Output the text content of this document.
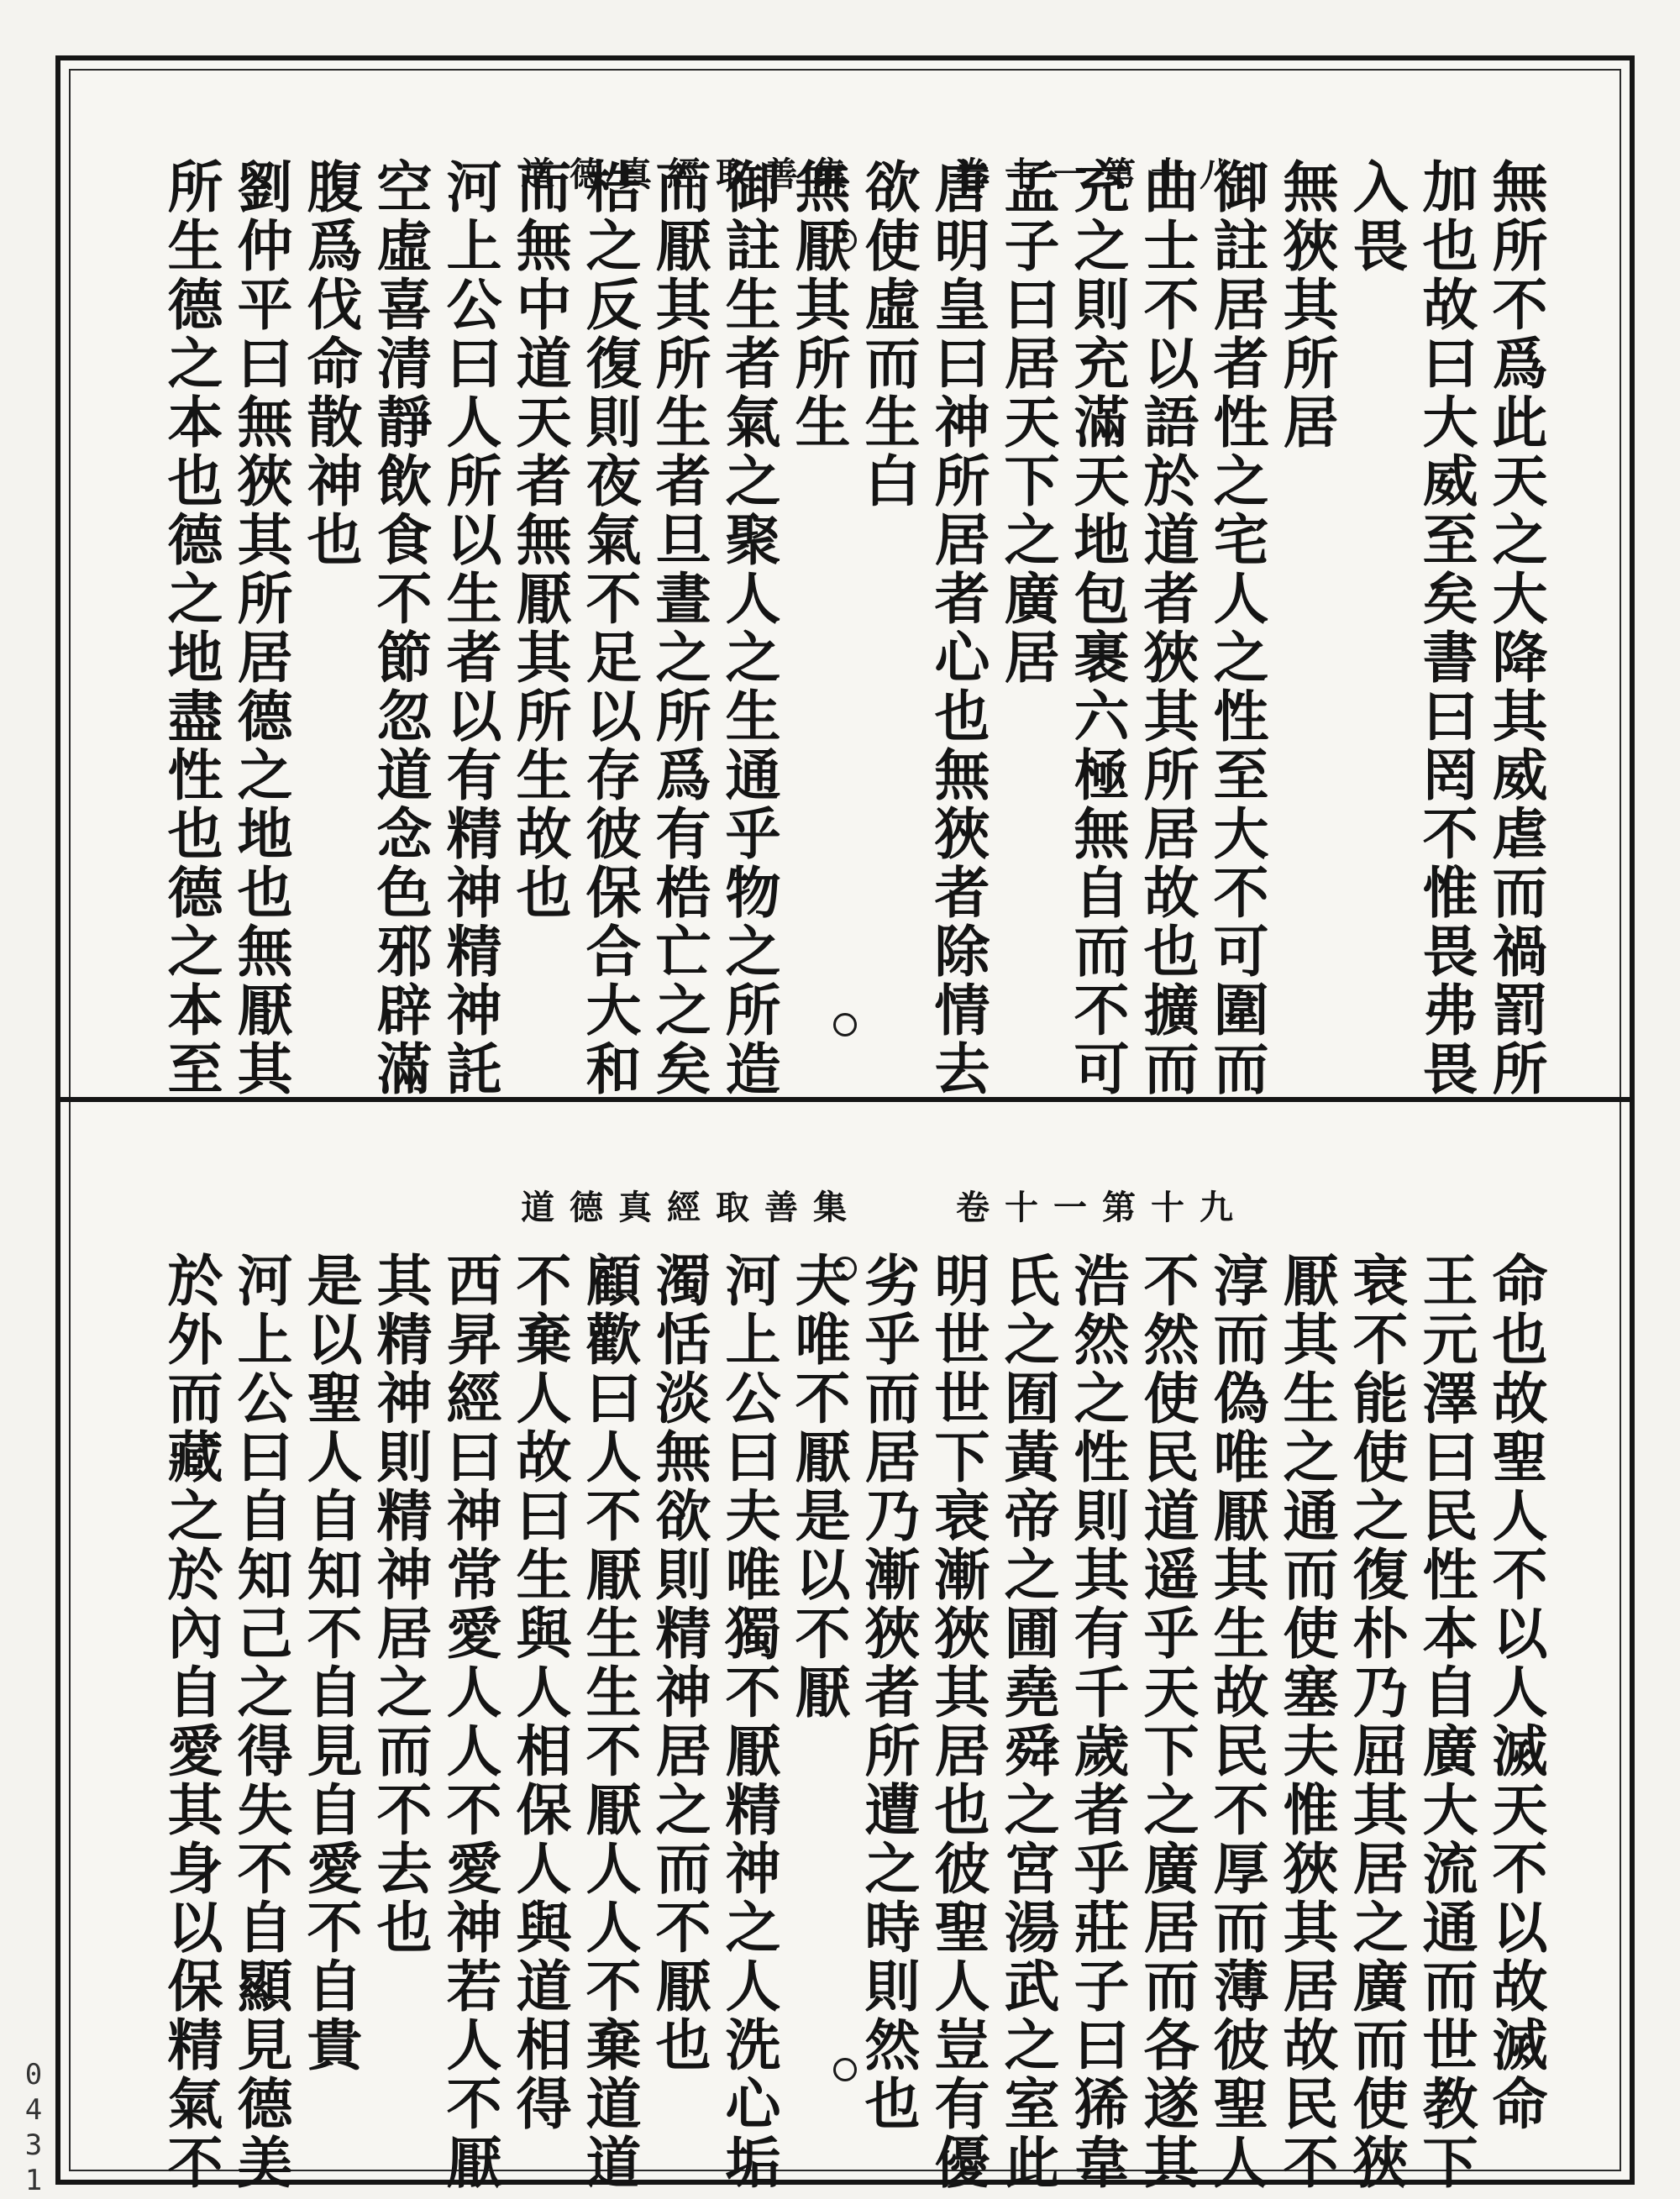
道德真經取善集	卷十一第十八	無所不爲此天之大降其威虐而禍罰所
加也故曰大威至矣書曰罔不惟畏弗畏
入畏
無狹其所居
御註居者性之宅人之性至大不可圍而
曲士不以語於道者狹其所居故也擴而
充之則充滿天地包裹六極無自而不可
孟子曰居天下之廣居
唐明皇曰神所居者心也無狹者除情去
欲使虛而生白
無厭其所生
御註生者氣之聚人之生通乎物之所造
而厭其所生者旦晝之所爲有梏亡之矣
梏之反復則夜氣不足以存彼保合大和
而無中道天者無厭其所生故也
河上公曰人所以生者以有精神精神託
空虛喜清靜飲食不節忽道念色邪辟滿
腹爲伐命散神也
劉仲平曰無狹其所居德之地也無厭其
所生德之本也德之地盡性也德之本至
道德真經取善集	卷十一第十九
命也故聖人不以人滅天不以故滅命
王元澤曰民性本自廣大流通而世教下
衰不能使之復朴乃屈其居之廣而使狹
厭其生之通而使塞夫惟狹其居故民不
淳而偽唯厭其生故民不厚而薄彼聖人
不然使民道遥乎天下之廣居而各遂其
浩然之性則其有千歲者乎莊子曰狶韋
氏之囿黃帝之圃堯舜之宮湯武之室此
明世世下衰漸狹其居也彼聖人豈有優
劣乎而居乃漸狹者所遭之時則然也
夫唯不厭是以不厭
河上公曰夫唯獨不厭精神之人洗心垢
濁恬淡無欲則精神居之而不厭也
顧歡曰人不厭生生不厭人人不棄道道
不棄人故曰生與人相保人與道相得
西昇經曰神常愛人人不愛神若人不厭
其精神則精神居之而不去也
是以聖人自知不自見自愛不自貴
河上公曰自知己之得失不自顯見德美
於外而藏之於內自愛其身以保精氣不
0431
